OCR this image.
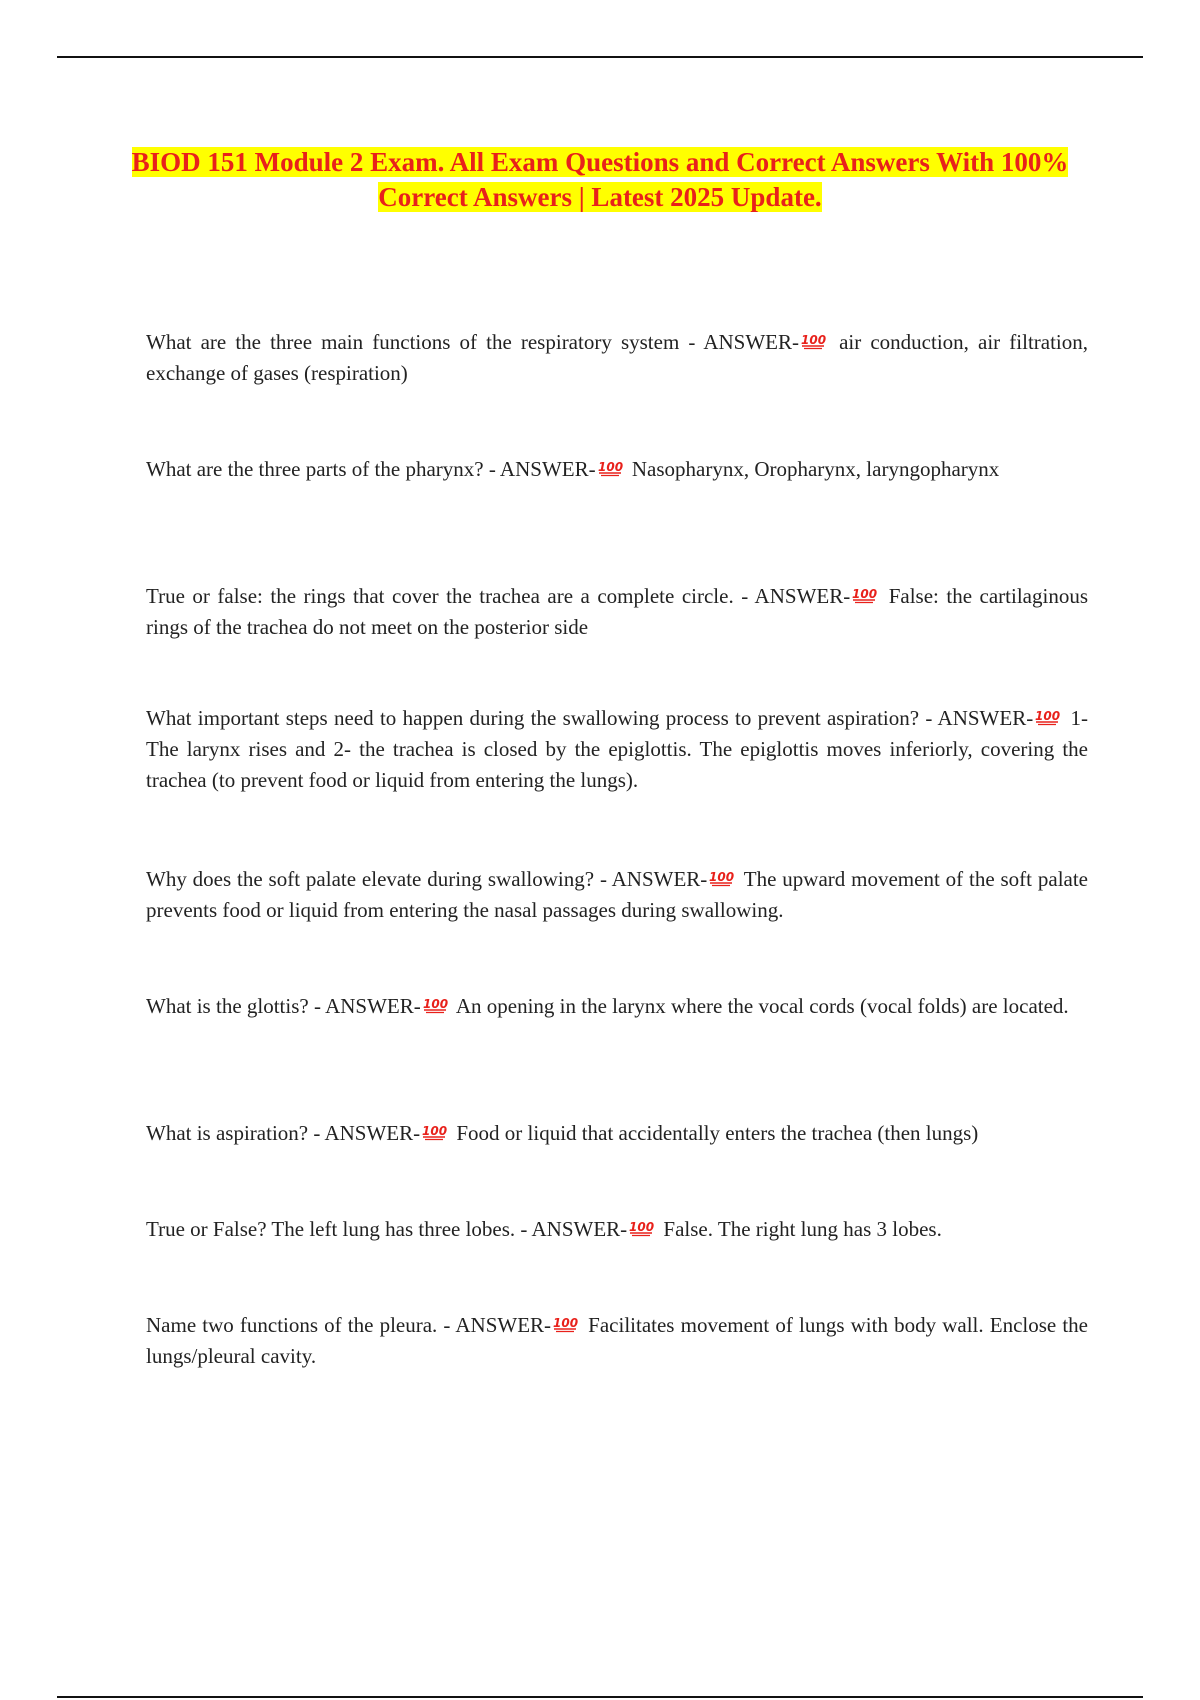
BIOD 151 Module 2 Exam. All Exam Questions and Correct Answers With 100% Correct Answers | Latest 2025 Update.

What are the three main functions of the respiratory system - ANSWER- 100 air conduction, air filtration, exchange of gases (respiration)

What are the three parts of the pharynx? - ANSWER- 100 Nasopharynx, Oropharynx, laryngopharynx

True or false: the rings that cover the trachea are a complete circle. - ANSWER- 100 False: the cartilaginous rings of the trachea do not meet on the posterior side

What important steps need to happen during the swallowing process to prevent aspiration? - ANSWER- 100 1- The larynx rises and 2- the trachea is closed by the epiglottis. The epiglottis moves inferiorly, covering the trachea (to prevent food or liquid from entering the lungs).

Why does the soft palate elevate during swallowing? - ANSWER- 100 The upward movement of the soft palate prevents food or liquid from entering the nasal passages during swallowing.

What is the glottis? - ANSWER- 100 An opening in the larynx where the vocal cords (vocal folds) are located.

What is aspiration? - ANSWER- 100 Food or liquid that accidentally enters the trachea (then lungs)

True or False? The left lung has three lobes. - ANSWER- 100 False. The right lung has 3 lobes.

Name two functions of the pleura. - ANSWER- 100 Facilitates movement of lungs with body wall. Enclose the lungs/pleural cavity.
